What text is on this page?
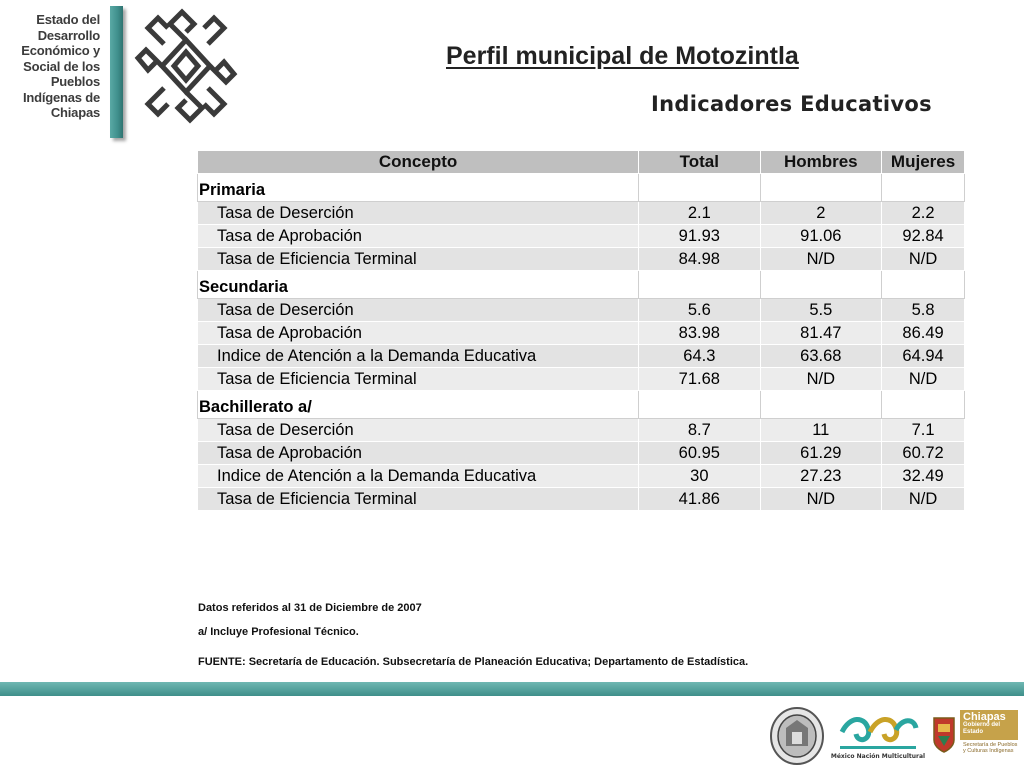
Estado del
Desarrollo
Económico y
Social de los
Pueblos
Indígenas de
Chiapas
Perfil municipal de Motozintla
Indicadores Educativos
Concepto	Total	Hombres	Mujeres
Primaria			
Tasa de Deserción	2.1	2	2.2
Tasa de Aprobación	91.93	91.06	92.84
Tasa de Eficiencia Terminal	84.98	N/D	N/D
Secundaria			
Tasa de Deserción	5.6	5.5	5.8
Tasa de Aprobación	83.98	81.47	86.49
Indice de Atención a la Demanda Educativa	64.3	63.68	64.94
Tasa de Eficiencia Terminal	71.68	N/D	N/D
Bachillerato a/			
Tasa de Deserción	8.7	11	7.1
Tasa de Aprobación	60.95	61.29	60.72
Indice de Atención a la Demanda Educativa	30	27.23	32.49
Tasa de Eficiencia Terminal	41.86	N/D	N/D
Datos referidos al 31 de Diciembre de 2007
a/ Incluye Profesional Técnico.
FUENTE: Secretaría de Educación. Subsecretaría de Planeación Educativa; Departamento de Estadística.
México Nación Multicultural
Chiapas
Gobierno del Estado
Secretaría de Pueblos y Culturas Indígenas
